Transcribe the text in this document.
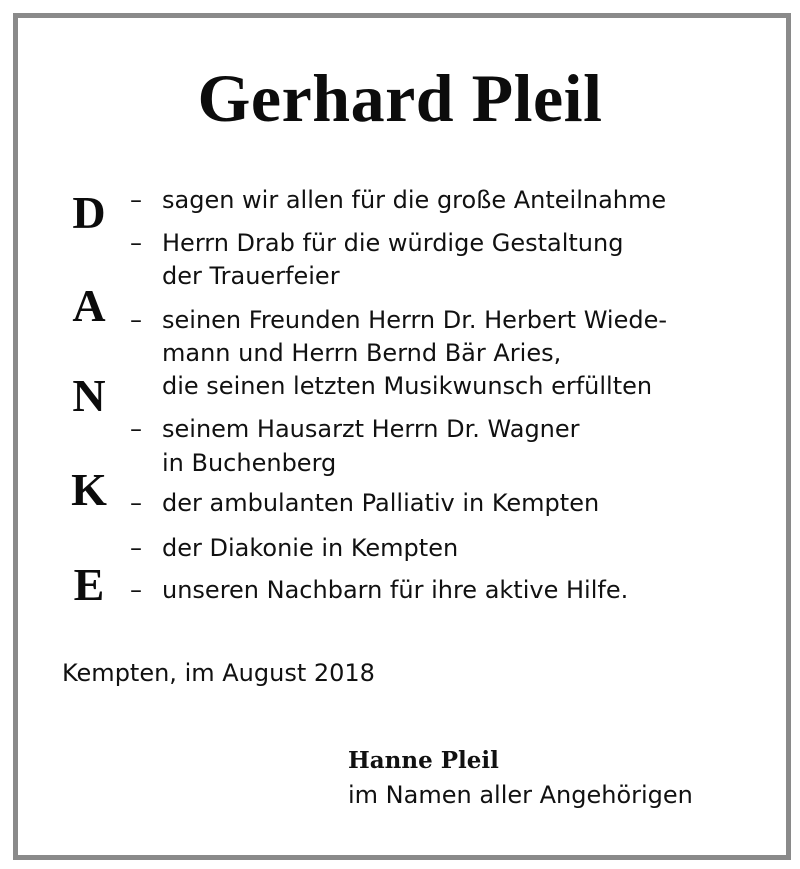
Gerhard Pleil
D
A
N
K
E
–
–
–
–
–
–
–
sagen wir allen für die große Anteilnahme
Herrn Drab für die würdige Gestaltung
der Trauerfeier
seinen Freunden Herrn Dr. Herbert Wiede-
mann und Herrn Bernd Bär Aries,
die seinen letzten Musikwunsch erfüllten
seinem Hausarzt Herrn Dr. Wagner
in Buchenberg
der ambulanten Palliativ in Kempten
der Diakonie in Kempten
unseren Nachbarn für ihre aktive Hilfe.
Kempten, im August 2018
Hanne Pleil
im Namen aller Angehörigen
